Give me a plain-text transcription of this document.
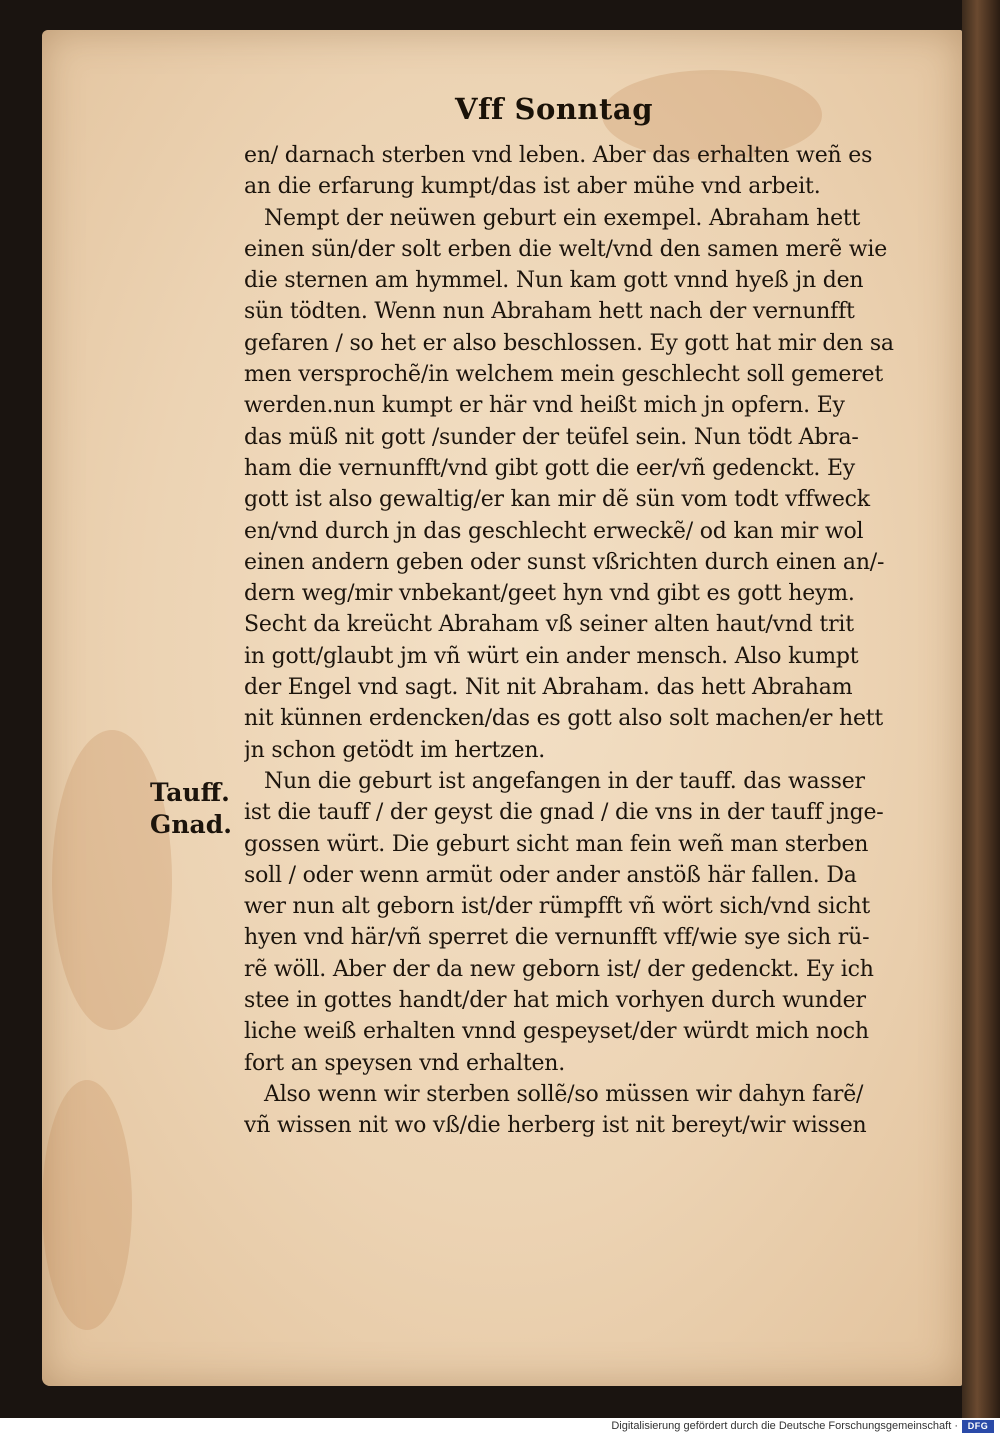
Vff Sonntag
Tauff.
Gnad.
en/ darnach sterben vnd leben. Aber das erhalten weñ es
an die erfarung kumpt/das ist aber mühe vnd arbeit.
Nempt der neüwen geburt ein exempel. Abraham hett
einen sün/der solt erben die welt/vnd den samen merẽ wie
die sternen am hymmel. Nun kam gott vnnd hyeß jn den
sün tödten. Wenn nun Abraham hett nach der vernunfft
gefaren / so het er also beschlossen. Ey gott hat mir den sa
men versprochẽ/in welchem mein geschlecht soll gemeret
werden.nun kumpt er här vnd heißt mich jn opfern. Ey
das müß nit gott /sunder der teüfel sein. Nun tödt Abra-
ham die vernunfft/vnd gibt gott die eer/vñ gedenckt. Ey
gott ist also gewaltig/er kan mir dẽ sün vom todt vffweck
en/vnd durch jn das geschlecht erweckẽ/ od kan mir wol
einen andern geben oder sunst vßrichten durch einen an/-
dern weg/mir vnbekant/geet hyn vnd gibt es gott heym.
Secht da kreücht Abraham vß seiner alten haut/vnd trit
in gott/glaubt jm vñ würt ein ander mensch. Also kumpt
der Engel vnd sagt. Nit nit Abraham. das hett Abraham
nit künnen erdencken/das es gott also solt machen/er hett
jn schon getödt im hertzen.
Nun die geburt ist angefangen in der tauff. das wasser
ist die tauff / der geyst die gnad / die vns in der tauff jnge-
gossen würt. Die geburt sicht man fein weñ man sterben
soll / oder wenn armüt oder ander anstöß här fallen. Da
wer nun alt geborn ist/der rümpfft vñ wört sich/vnd sicht
hyen vnd här/vñ sperret die vernunfft vff/wie sye sich rü-
rẽ wöll. Aber der da new geborn ist/ der gedenckt. Ey ich
stee in gottes handt/der hat mich vorhyen durch wunder
liche weiß erhalten vnnd gespeyset/der würdt mich noch
fort an speysen vnd erhalten.
Also wenn wir sterben sollẽ/so müssen wir dahyn farẽ/
vñ wissen nit wo vß/die herberg ist nit bereyt/wir wissen
Digitalisierung gefördert durch die Deutsche Forschungsgemeinschaft ·	DFG
